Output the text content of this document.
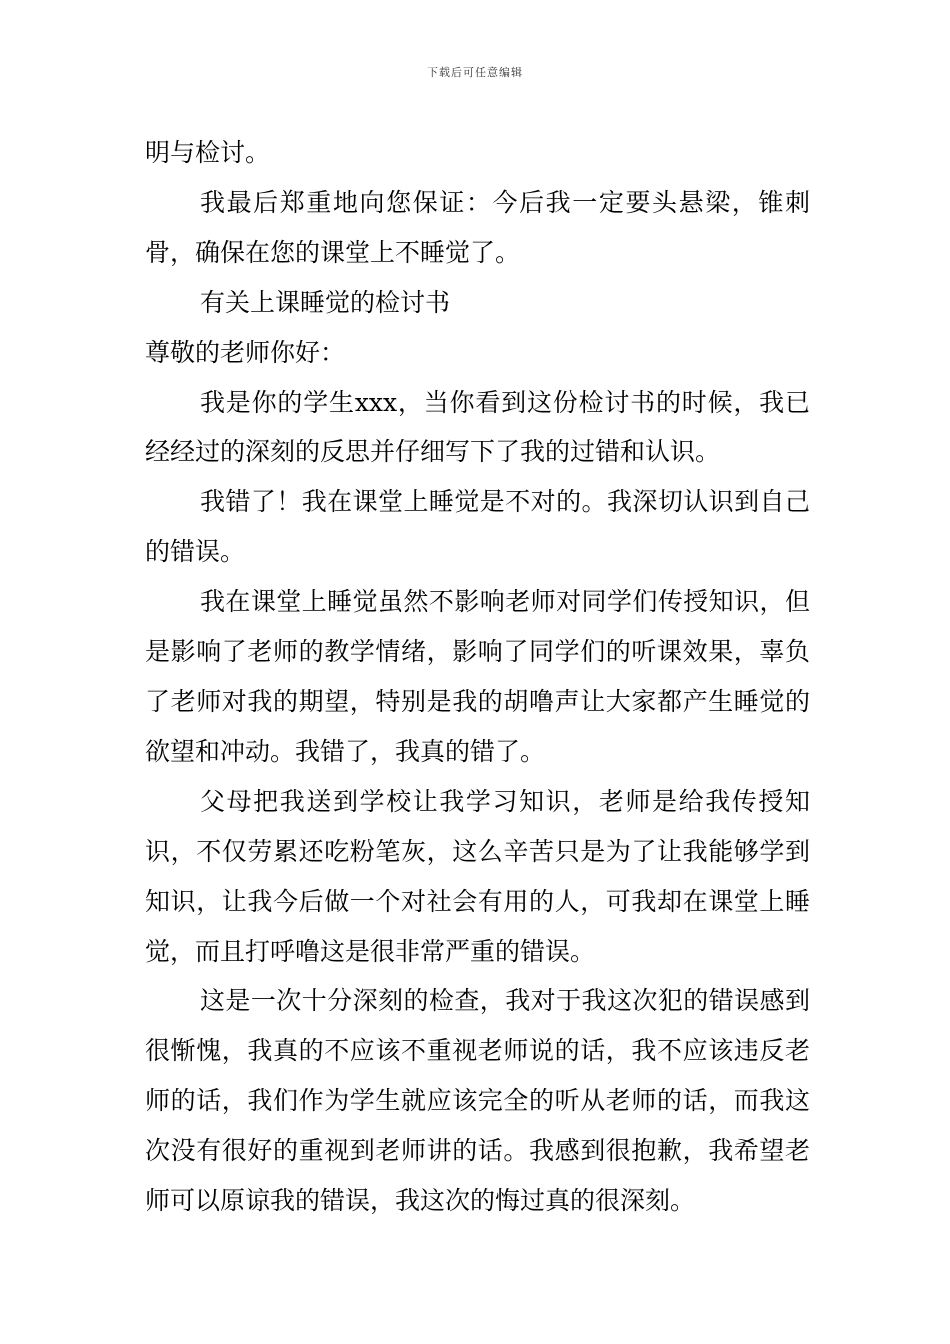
下载后可任意编辑

明与检讨。

我最后郑重地向您保证：今后我一定要头悬梁，锥刺骨，确保在您的课堂上不睡觉了。

有关上课睡觉的检讨书

尊敬的老师你好：

我是你的学生xxx，当你看到这份检讨书的时候，我已经经过的深刻的反思并仔细写下了我的过错和认识。

我错了！我在课堂上睡觉是不对的。我深切认识到自己的错误。

我在课堂上睡觉虽然不影响老师对同学们传授知识，但是影响了老师的教学情绪，影响了同学们的听课效果，辜负了老师对我的期望，特别是我的胡噜声让大家都产生睡觉的欲望和冲动。我错了，我真的错了。

父母把我送到学校让我学习知识，老师是给我传授知识，不仅劳累还吃粉笔灰，这么辛苦只是为了让我能够学到知识，让我今后做一个对社会有用的人，可我却在课堂上睡觉，而且打呼噜这是很非常严重的错误。

这是一次十分深刻的检查，我对于我这次犯的错误感到很惭愧，我真的不应该不重视老师说的话，我不应该违反老师的话，我们作为学生就应该完全的听从老师的话，而我这次没有很好的重视到老师讲的话。我感到很抱歉，我希望老师可以原谅我的错误，我这次的悔过真的很深刻。
